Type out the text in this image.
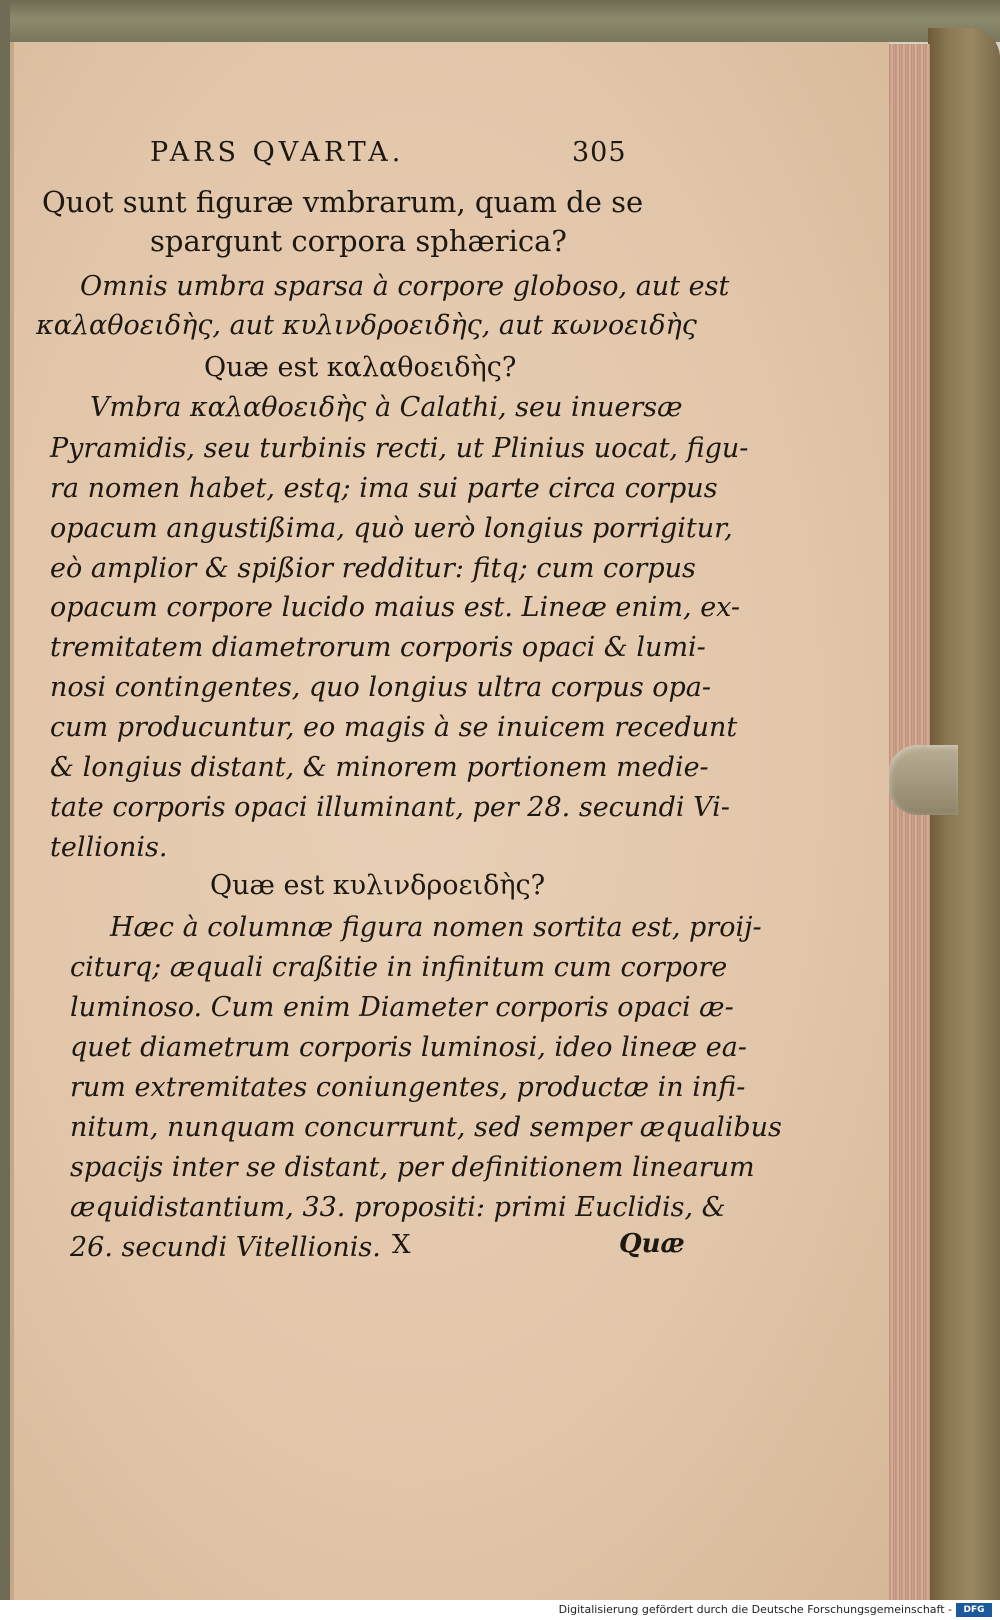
PARS QVARTA.	305
Quot sunt figuræ vmbrarum, quam de se
spargunt corpora sphærica?
Omnis umbra sparsa à corpore globoso, aut est
καλαθοειδὴς, aut κυλινδροειδὴς, aut κωνοειδὴς
Quæ est καλαθοειδὴς?
Vmbra καλαθοειδὴς à Calathi, seu inuersæ
Pyramidis, seu turbinis recti, ut Plinius uocat, figu-
ra nomen habet, estq; ima sui parte circa corpus
opacum angustißima, quò uerò longius porrigitur,
eò amplior & spißior redditur: fitq; cum corpus
opacum corpore lucido maius est. Lineæ enim, ex-
tremitatem diametrorum corporis opaci & lumi-
nosi contingentes, quo longius ultra corpus opa-
cum producuntur, eo magis à se inuicem recedunt
& longius distant, & minorem portionem medie-
tate corporis opaci illuminant, per 28. secundi Vi-
tellionis.
Quæ est κυλινδροειδὴς?
Hæc à columnæ figura nomen sortita est, proij-
citurq; æquali craßitie in infinitum cum corpore
luminoso. Cum enim Diameter corporis opaci æ-
quet diametrum corporis luminosi, ideo lineæ ea-
rum extremitates coniungentes, productæ in infi-
nitum, nunquam concurrunt, sed semper æqualibus
spacijs inter se distant, per definitionem linearum
æquidistantium, 33. propositi: primi Euclidis, &
26. secundi Vitellionis. X	Quæ
Digitalisierung gefördert durch die Deutsche Forschungsgemeinschaft -	DFG
